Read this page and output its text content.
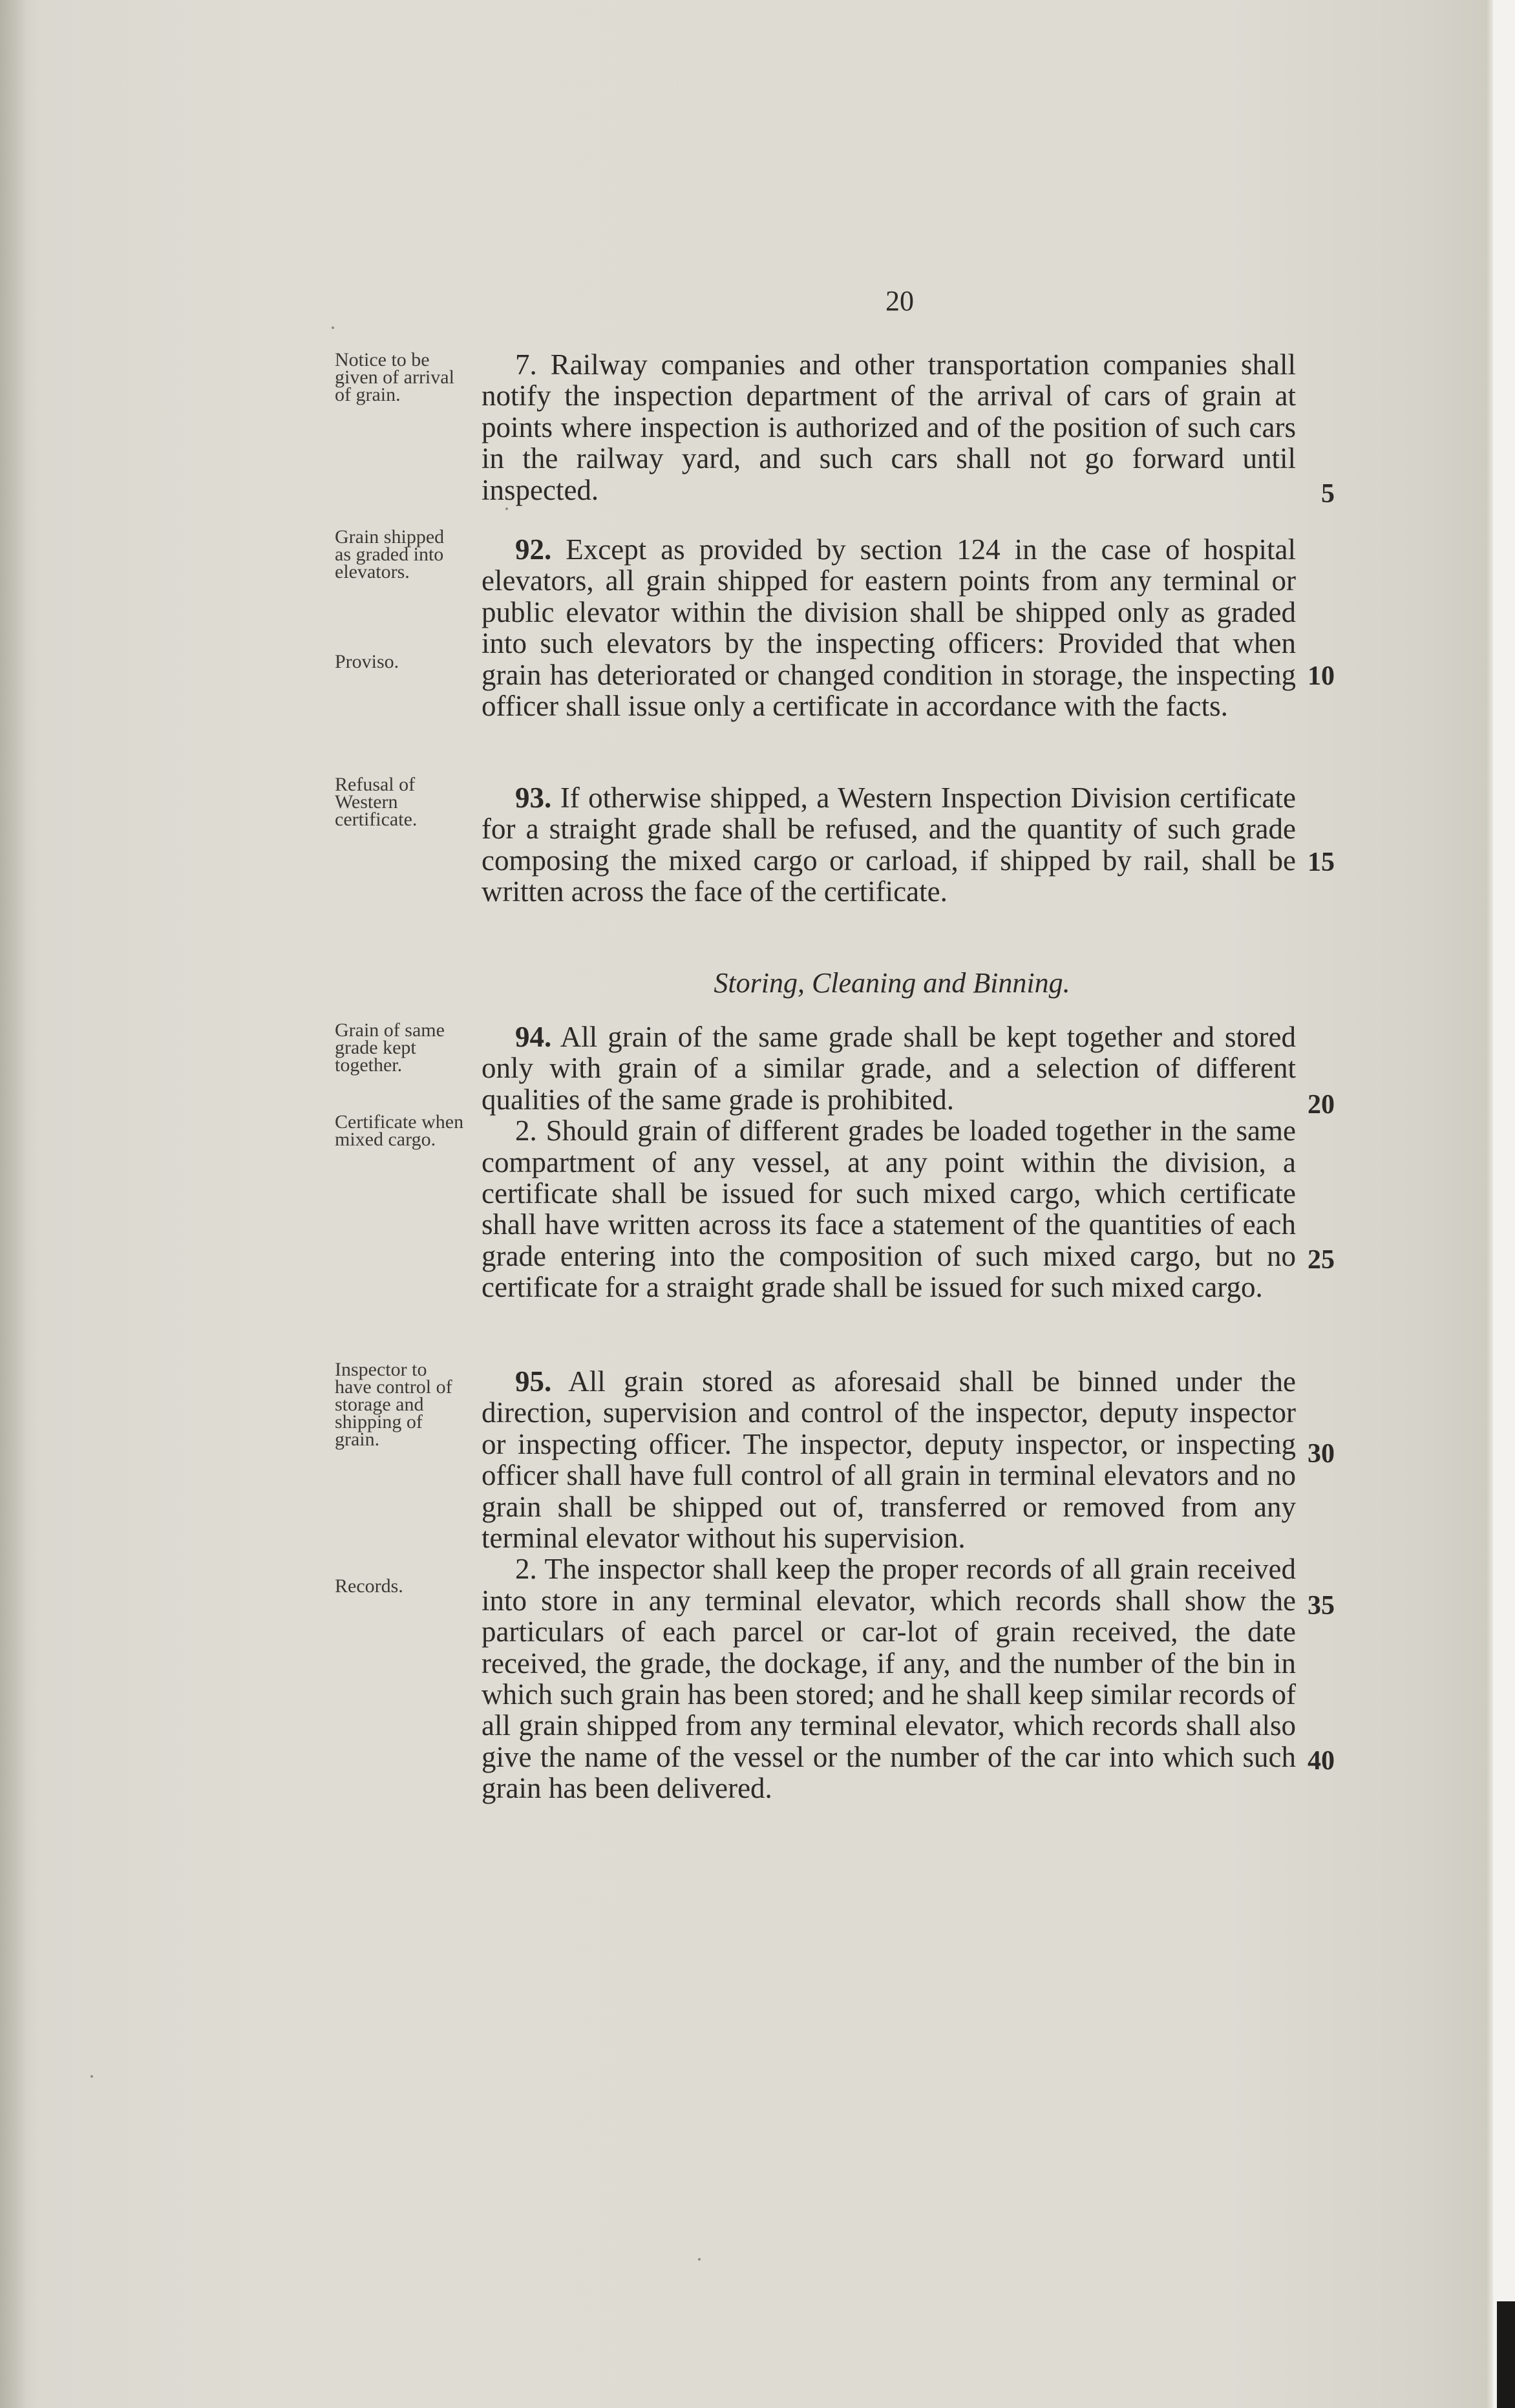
20
Notice to be given of arrival of grain.

7. Railway companies and other transportation companies shall notify the inspection department of the arrival of cars of grain at points where inspection is authorized and of the position of such cars in the railway yard, and such cars shall not go forward until inspected.

Grain shipped as graded into elevators.
Proviso.

92. Except as provided by section 124 in the case of hospital elevators, all grain shipped for eastern points from any terminal or public elevator within the division shall be shipped only as graded into such elevators by the inspecting officers: Provided that when grain has deteriorated or changed condition in storage, the inspecting officer shall issue only a certificate in accordance with the facts.

Refusal of Western certificate.

93. If otherwise shipped, a Western Inspection Division certificate for a straight grade shall be refused, and the quantity of such grade composing the mixed cargo or carload, if shipped by rail, shall be written across the face of the certificate.

Storing, Cleaning and Binning.
Grain of same grade kept together.
Certificate when mixed cargo.

94. All grain of the same grade shall be kept together and stored only with grain of a similar grade, and a selection of different qualities of the same grade is prohibited.

2. Should grain of different grades be loaded together in the same compartment of any vessel, at any point within the division, a certificate shall be issued for such mixed cargo, which certificate shall have written across its face a statement of the quantities of each grade entering into the composition of such mixed cargo, but no certificate for a straight grade shall be issued for such mixed cargo.

Inspector to have control of storage and shipping of grain.
Records.

95. All grain stored as aforesaid shall be binned under the direction, supervision and control of the inspector, deputy inspector or inspecting officer. The inspector, deputy inspector, or inspecting officer shall have full control of all grain in terminal elevators and no grain shall be shipped out of, transferred or removed from any terminal elevator without his supervision.

2. The inspector shall keep the proper records of all grain received into store in any terminal elevator, which records shall show the particulars of each parcel or car-lot of grain received, the date received, the grade, the dockage, if any, and the number of the bin in which such grain has been stored; and he shall keep similar records of all grain shipped from any terminal elevator, which records shall also give the name of the vessel or the number of the car into which such grain has been delivered.

5
10
15
20
25
30
35
40
